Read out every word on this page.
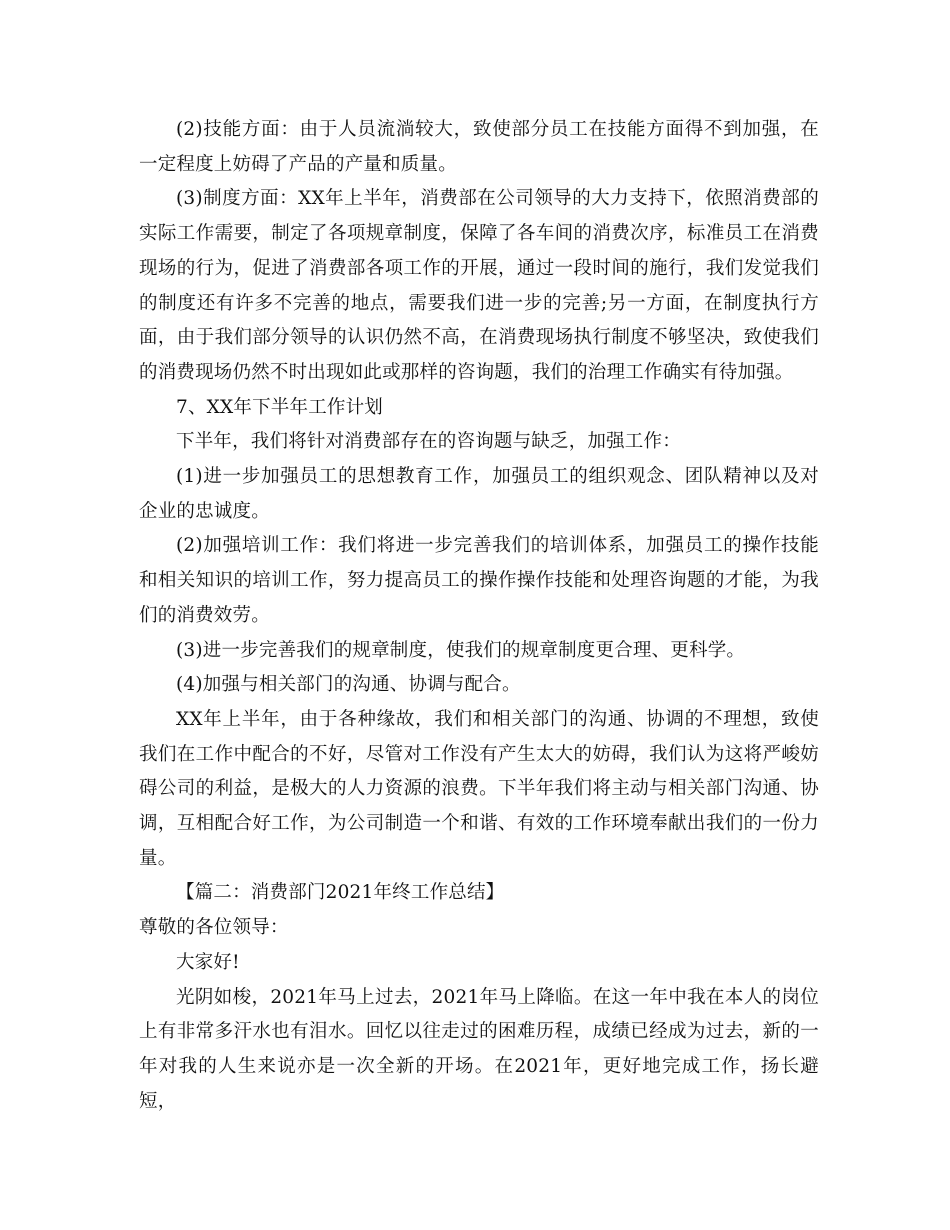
(2)技能方面：由于人员流淌较大，致使部分员工在技能方面得不到加强，在一定程度上妨碍了产品的产量和质量。

(3)制度方面：XX年上半年，消费部在公司领导的大力支持下，依照消费部的实际工作需要，制定了各项规章制度，保障了各车间的消费次序，标准员工在消费现场的行为，促进了消费部各项工作的开展，通过一段时间的施行，我们发觉我们的制度还有许多不完善的地点，需要我们进一步的完善;另一方面，在制度执行方面，由于我们部分领导的认识仍然不高，在消费现场执行制度不够坚决，致使我们的消费现场仍然不时出现如此或那样的咨询题，我们的治理工作确实有待加强。

7、XX年下半年工作计划

下半年，我们将针对消费部存在的咨询题与缺乏，加强工作：

(1)进一步加强员工的思想教育工作，加强员工的组织观念、团队精神以及对企业的忠诚度。

(2)加强培训工作：我们将进一步完善我们的培训体系，加强员工的操作技能和相关知识的培训工作，努力提高员工的操作操作技能和处理咨询题的才能，为我们的消费效劳。

(3)进一步完善我们的规章制度，使我们的规章制度更合理、更科学。

(4)加强与相关部门的沟通、协调与配合。

XX年上半年，由于各种缘故，我们和相关部门的沟通、协调的不理想，致使我们在工作中配合的不好，尽管对工作没有产生太大的妨碍，我们认为这将严峻妨碍公司的利益，是极大的人力资源的浪费。下半年我们将主动与相关部门沟通、协调，互相配合好工作，为公司制造一个和谐、有效的工作环境奉献出我们的一份力量。

【篇二：消费部门2021年终工作总结】

尊敬的各位领导：

大家好!

光阴如梭，2021年马上过去，2021年马上降临。在这一年中我在本人的岗位上有非常多汗水也有泪水。回忆以往走过的困难历程，成绩已经成为过去，新的一年对我的人生来说亦是一次全新的开场。在2021年，更好地完成工作，扬长避短，
